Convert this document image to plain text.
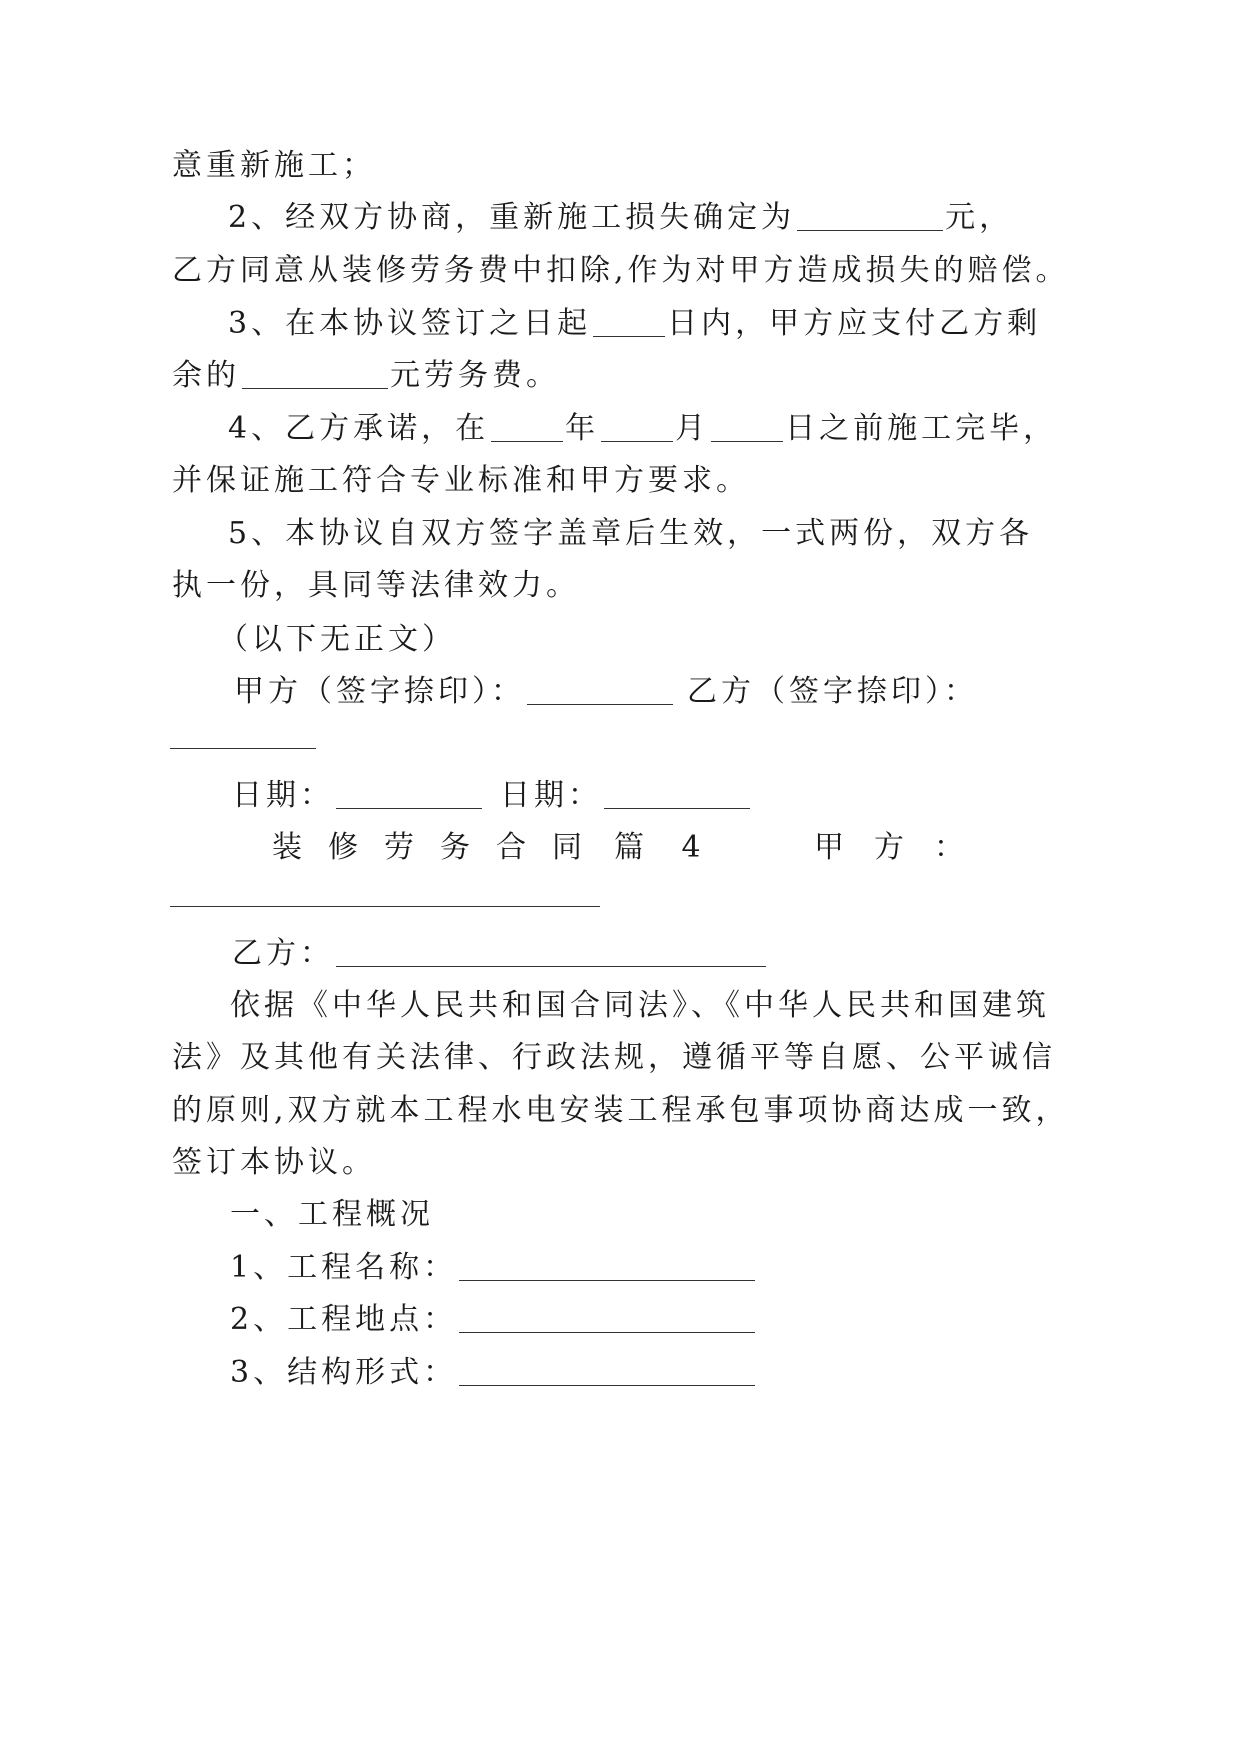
意重新施工；
2、经双方协商，重新施工损失确定为	元，
乙方同意从装修劳务费中扣除,作为对甲方造成损失的赔偿。
3、在本协议签订之日起	日内，甲方应支付乙方剩
余的	元劳务费。
4、乙方承诺，在	年	月	日之前施工完毕，
并保证施工符合专业标准和甲方要求。
5、本协议自双方签字盖章后生效，一式两份，双方各
执一份，具同等法律效力。
（以下无正文）
甲方（签字捺印）：	乙方（签字捺印）：
日期：	日期：
装修劳务合同 篇 4	甲方：
乙方：
依据《中华人民共和国合同法》、《中华人民共和国建筑
法》及其他有关法律、行政法规，遵循平等自愿、公平诚信
的原则,双方就本工程水电安装工程承包事项协商达成一致，
签订本协议。
一、工程概况
1、工程名称：
2、工程地点：
3、结构形式：
